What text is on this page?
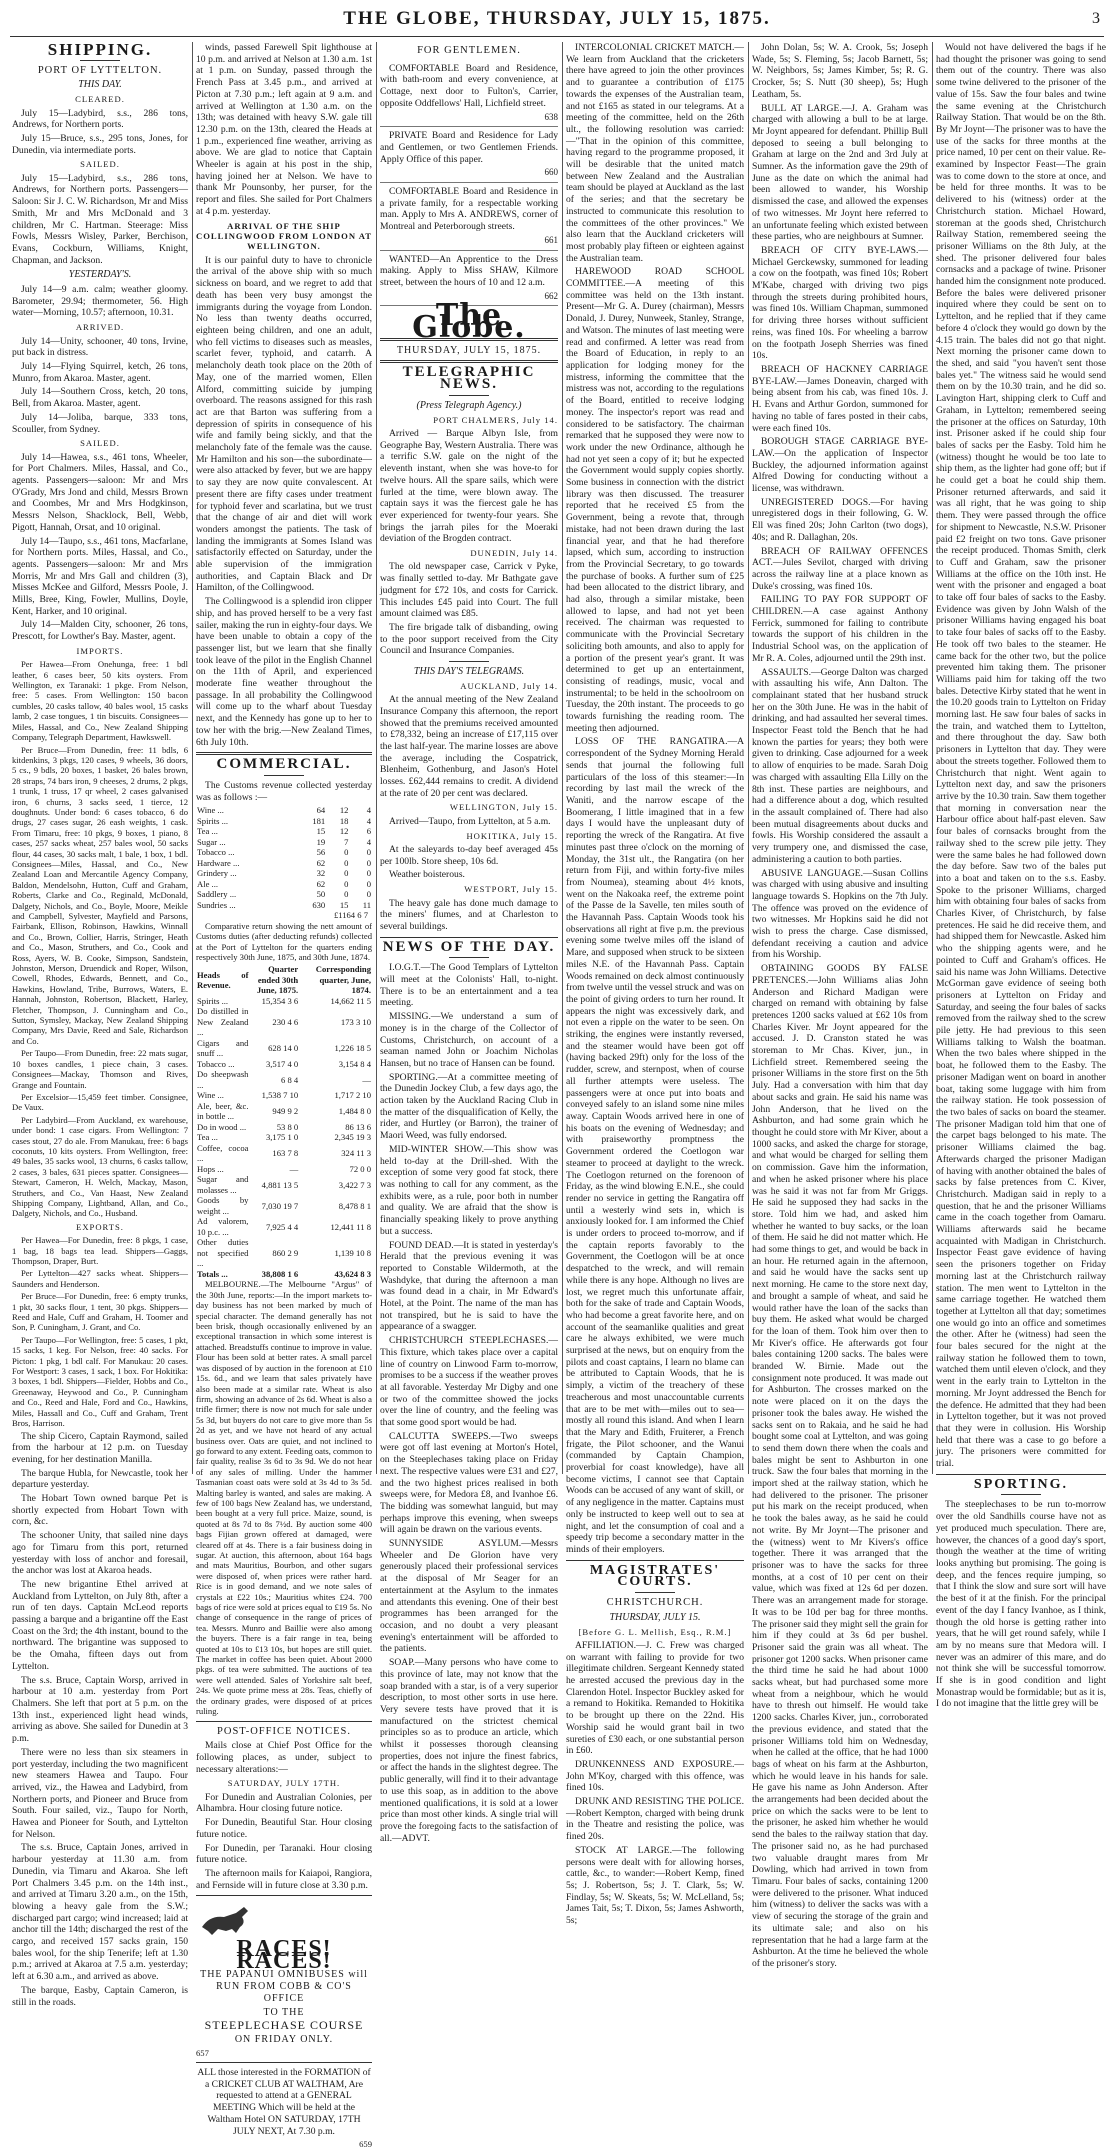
THE GLOBE, THURSDAY, JULY 15, 1875.	3
SHIPPING.
PORT OF LYTTELTON.
THIS DAY.
CLEARED.

July 15—Ladybird, s.s., 286 tons, Andrews, for Northern ports.

July 15—Bruce, s.s., 295 tons, Jones, for Dunedin, via intermediate ports.

SAILED.

July 15—Ladybird, s.s., 286 tons, Andrews, for Northern ports. Passengers—Saloon: Sir J. C. W. Richardson, Mr and Miss Smith, Mr and Mrs McDonald and 3 children, Mr C. Hartman. Steerage: Miss Fowls, Messrs Wisley, Parker, Berchison, Evans, Cockburn, Williams, Knight, Chapman, and Jackson.

YESTERDAY'S.

July 14—9 a.m. calm; weather gloomy. Barometer, 29.94; thermometer, 56. High water—Morning, 10.57; afternoon, 10.31.

ARRIVED.

July 14—Unity, schooner, 40 tons, Irvine, put back in distress.

July 14—Flying Squirrel, ketch, 26 tons, Munro, from Akaroa. Master, agent.

July 14—Southern Cross, ketch, 20 tons, Bell, from Akaroa. Master, agent.

July 14—Joliba, barque, 333 tons, Scouller, from Sydney.

SAILED.

July 14—Hawea, s.s., 461 tons, Wheeler, for Port Chalmers. Miles, Hassal, and Co., agents. Passengers—saloon: Mr and Mrs O'Grady, Mrs Jond and child, Messrs Brown and Coombes, Mr and Mrs Hodgkinson, Messrs Nelson, Shacklock, Bell, Webb, Pigott, Hannah, Orsat, and 10 original.

July 14—Taupo, s.s., 461 tons, Macfarlane, for Northern ports. Miles, Hassal, and Co., agents. Passengers—saloon: Mr and Mrs Morris, Mr and Mrs Gall and children (3), Misses McKee and Gilford, Messrs Poole, J. Mills, Bree, King, Fowler, Mullins, Doyle, Kent, Harker, and 10 original.

July 14—Malden City, schooner, 26 tons, Prescott, for Lowther's Bay. Master, agent.

IMPORTS.

Per Hawea—From Onehunga, free: 1 bdl leather, 6 cases beer, 50 kits oysters. From Wellington, ex Taranaki: 1 pkge. From Nelson, free: 5 cases. From Wellington: 150 bacon cumbles, 20 casks tallow, 40 bales wool, 15 casks lamb, 2 case tongues, 1 tin biscuits. Consignees—Miles, Hassal, and Co., New Zealand Shipping Company, Telegraph Department, Hawkswell.

Per Bruce—From Dunedin, free: 11 bdls, 6 kitdenkins, 3 pkgs, 120 cases, 9 wheels, 36 doors, 5 cs., 9 bdls, 20 boxes, 1 basket, 26 bales brown, 28 straps, 74 bars iron, 9 cheeses, 2 drums, 2 pkgs, 1 trunk, 1 truss, 17 qr wheel, 2 cases galvanised iron, 6 churns, 3 sacks seed, 1 tierce, 12 doughnuts. Under bond: 6 cases tobacco, 6 do drugs, 27 cases sugar, 26 eash weights, 1 cask. From Timaru, free: 10 pkgs, 9 boxes, 1 piano, 8 cases, 257 sacks wheat, 257 bales wool, 50 sacks flour, 44 cases, 30 sacks malt, 1 bale, 1 box, 1 bdl. Consignees—Miles, Hassal, and Co., New Zealand Loan and Mercantile Agency Company, Baldon, Mendelsohn, Hutton, Cuff and Graham, Roberts, Clarke and Co., Reginald, McDonald, Dalgety, Nichols, and Co., Boyle, Moore, Meikle and Campbell, Sylvester, Mayfield and Parsons, Fairbank, Ellison, Robinson, Hawkins, Winnall and Co., Brown, Collier, Harris, Stringer, Heath and Co., Mason, Struthers, and Co., Cook and Ross, Ayers, W. B. Cooke, Simpson, Sandstein, Johnston, Merson, Druendick and Roper, Wilson, Cowell, Rhodes, Edwards, Bennett, and Co., Hawkins, Howland, Tribe, Burrows, Waters, E. Hannah, Johnston, Robertson, Blackett, Harley, Fletcher, Thompson, J. Cunningham and Co., Sutton, Symsley, Mackay, New Zealand Shipping Company, Mrs Davie, Reed and Sale, Richardson and Co.

Per Taupo—From Dunedin, free: 22 mats sugar, 10 boxes candles, 1 piece chain, 3 cases. Consignees—Mackay, Thomson and Rives, Grange and Fountain.

Per Excelsior—15,459 feet timber. Consignee, De Vaux.

Per Ladybird—From Auckland, ex warehouse, under bond: 1 case cigars. From Wellington: 7 cases stout, 27 do ale. From Manukau, free: 6 bags coconuts, 10 kits oysters. From Wellington, free: 49 bales, 35 sacks wool, 13 churns, 6 casks tallow, 2 cases, 3 bales, 631 pieces spatter. Consignees—Stewart, Cameron, H. Welch, Mackay, Mason, Struthers, and Co., Van Haast, New Zealand Shipping Company, Lightband, Allan, and Co., Dalgety, Nichols, and Co., Husband.

EXPORTS.

Per Hawea—For Dunedin, free: 8 pkgs, 1 case, 1 bag, 18 bags tea lead. Shippers—Gaggs, Thompson, Draper, Burt.

Per Lyttelton—427 sacks wheat. Shippers—Saunders and Henderson.

Per Bruce—For Dunedin, free: 6 empty trunks, 1 pkt, 30 sacks flour, 1 tent, 30 pkgs. Shippers—Reed and Hale, Cuff and Graham, H. Toomer and Son, P. Cuningham, J. Grant, and Co.

Per Taupo—For Wellington, free: 5 cases, 1 pkt, 15 sacks, 1 keg. For Nelson, free: 40 sacks. For Picton: 1 pkg, 1 bdl calf. For Manukau: 20 cases. For Westport: 3 cases, 1 sack, 1 box. For Hokitika: 3 boxes, 1 bdl. Shippers—Fielder, Hobbs and Co., Greenaway, Heywood and Co., P. Cunningham and Co., Reed and Hale, Ford and Co., Hawkins, Miles, Hassall and Co., Cuff and Graham, Trent Bros, Harrison.

The ship Cicero, Captain Raymond, sailed from the harbour at 12 p.m. on Tuesday evening, for her destination Manilla.

The barque Hubla, for Newcastle, took her departure yesterday.

The Hobart Town owned barque Pet is shortly expected from Hobart Town with corn, &c.

The schooner Unity, that sailed nine days ago for Timaru from this port, returned yesterday with loss of anchor and foresail, the anchor was lost at Akaroa heads.

The new brigantine Ethel arrived at Auckland from Lyttelton, on July 8th, after a run of ten days. Captain McLeod reports passing a barque and a brigantine off the East Coast on the 3rd; the 4th instant, bound to the northward. The brigantine was supposed to be the Omaha, fifteen days out from Lyttelton.

The s.s. Bruce, Captain Worsp, arrived in harbour at 10 a.m. yesterday from Port Chalmers. She left that port at 5 p.m. on the 13th inst., experienced light head winds, arriving as above. She sailed for Dunedin at 3 p.m.

There were no less than six steamers in port yesterday, including the two magnificent new steamers Hawea and Taupo. Four arrived, viz., the Hawea and Ladybird, from Northern ports, and Pioneer and Bruce from South. Four sailed, viz., Taupo for North, Hawea and Pioneer for South, and Lyttelton for Nelson.

The s.s. Bruce, Captain Jones, arrived in harbour yesterday at 11.30 a.m. from Dunedin, via Timaru and Akaroa. She left Port Chalmers 3.45 p.m. on the 14th inst., and arrived at Timaru 3.20 a.m., on the 15th, blowing a heavy gale from the S.W.; discharged part cargo; wind increased; laid at anchor till the 14th; discharged the rest of the cargo, and received 157 sacks grain, 150 bales wool, for the ship Tenerife; left at 1.30 p.m.; arrived at Akaroa at 7.5 a.m. yesterday; left at 6.30 a.m., and arrived as above.

The barque, Easby, Captain Cameron, is still in the roads.

winds, passed Farewell Spit lighthouse at 10 p.m. and arrived at Nelson at 1.30 a.m. 1st at 1 p.m. on Sunday, passed through the French Pass at 3.45 p.m., and arrived at Picton at 7.30 p.m.; left again at 9 a.m. and arrived at Wellington at 1.30 a.m. on the 13th; was detained with heavy S.W. gale till 12.30 p.m. on the 13th, cleared the Heads at 1 p.m., experienced fine weather, arriving as above. We are glad to notice that Captain Wheeler is again at his post in the ship, having joined her at Nelson. We have to thank Mr Pounsonby, her purser, for the report and files. She sailed for Port Chalmers at 4 p.m. yesterday.

ARRIVAL OF THE SHIP COLLINGWOOD FROM LONDON AT WELLINGTON.

It is our painful duty to have to chronicle the arrival of the above ship with so much sickness on board, and we regret to add that death has been very busy amongst the immigrants during the voyage from London. No less than twenty deaths occurred, eighteen being children, and one an adult, who fell victims to diseases such as measles, scarlet fever, typhoid, and catarrh. A melancholy death took place on the 20th of May, one of the married women, Ellen Alford, committing suicide by jumping overboard. The reasons assigned for this rash act are that Barton was suffering from a depression of spirits in consequence of his wife and family being sickly, and that the melancholy fate of the female was the cause. Mr Hamilton and his son—the subordinate—were also attacked by fever, but we are happy to say they are now quite convalescent. At present there are fifty cases under treatment for typhoid fever and scarlatina, but we trust that the change of air and diet will work wonders amongst the patients. The task of landing the immigrants at Somes Island was satisfactorily effected on Saturday, under the able supervision of the immigration authorities, and Captain Black and Dr Hamilton, of the Collingwood.

The Collingwood is a splendid iron clipper ship, and has proved herself to be a very fast sailer, making the run in eighty-four days. We have been unable to obtain a copy of the passenger list, but we learn that she finally took leave of the pilot in the English Channel on the 11th of April, and experienced moderate fine weather throughout the passage. In all probability the Collingwood will come up to the wharf about Tuesday next, and the Kennedy has gone up to her to tow her with the brig.—New Zealand Times, 6th July 10th.

COMMERCIAL.

The Customs revenue collected yesterday was as follows :—

Wine ...	64	12	4
Spirits ...	181	18	4
Tea ...	15	12	6
Sugar ...	19	7	4
Tobacco ...	56	0	0
Hardware ...	62	0	0
Grindery ...	32	0	0
Ale ...	62	0	0
Saddlery ...	50	0	0
Sundries ...	630	15	11
£1164 6 7

Comparative return showing the nett amount of Customs duties (after deducting refunds) collected at the Port of Lyttelton for the quarters ending respectively 30th June, 1875, and 30th June, 1874.

Heads of Revenue.	Quarter ended 30th June, 1875.	Corresponding quarter, June, 1874.
Spirits ...	15,354 3 6	14,662 11 5
Do distilled in New Zealand ...	230 4 6	173 3 10
Cigars and snuff ...	628 14 0	1,226 18 5
Tobacco ...	3,517 4 0	3,154 8 4
Do sheepwash ...	6 8 4	—
Wine ...	1,538 7 10	1,717 2 10
Ale, beer, &c. in bottle ...	949 9 2	1,484 8 0
Do in wood ...	53 8 0	86 13 6
Tea ...	3,175 1 0	2,345 19 3
Coffee, cocoa ...	163 7 8	324 11 3
Hops ...	—	72 0 0
Sugar and molasses ...	4,881 13 5	3,422 7 3
Goods by weight ...	7,030 19 7	8,478 8 1
Ad valorem, 10 p.c. ...	7,925 4 4	12,441 11 8
Other duties not specified ...	860 2 9	1,139 10 8
Totals ...	38,808 1 6	43,624 8 3

MELBOURNE.—The Melbourne "Argus" of the 30th June, reports:—In the import markets to-day business has not been marked by much of special character. The demand generally has not been brisk, though occasionally enlivened by an exceptional transaction in which some interest is attached. Breadstuffs continue to improve in value. Flour has been sold at better rates. A small parcel was disposed of by auction in the forenoon at £10 15s. 6d., and we learn that sales privately have also been made at a similar rate. Wheat is also firm, showing an advance of 2s 6d. Wheat is also a trifle firmer; there is now not much for sale under 5s 3d, but buyers do not care to give more than 5s 2d as yet, and we have not heard of any actual business over. Oats are quiet, and not inclined to go forward to any extent. Feeding oats, common to fair quality, realise 3s 6d to 3s 9d. We do not hear of any sales of milling. Under the hammer Tasmanian coast oats were sold at 3s 4d to 3s 5d. Malting barley is wanted, and sales are making. A few of 100 bags New Zealand has, we understand, been bought at a very full price. Maize, sound, is quoted at 8s 7d to 8s 7½d. By auction some 400 bags Fijian grown offered at damaged, were cleared off at 4s. There is a fair business doing in sugar. At auction, this afternoon, about 164 bags and mats Mauritius, Bourbon, and other sugars were disposed of, when prices were rather hard. Rice is in good demand, and we note sales of crystals at £22 10s.; Mauritius whites £24. 700 bags of rice were sold at prices equal to £19 5s. No change of consequence in the range of prices of tea. Messrs. Munro and Baillie were also among the buyers. There is a fair range in tea, being quoted at 10s to £13 10s, but hopes are still quiet. The market in coffee has been quiet. About 2000 pkgs. of tea were submitted. The auctions of tea were well attended. Sales of Yorkshire salt beef, 24s. We quote prime mess at 28s. Teas, chiefly of the ordinary grades, were disposed of at prices ruling.

POST-OFFICE NOTICES.

Mails close at Chief Post Office for the following places, as under, subject to necessary alterations:—

SATURDAY, JULY 17TH.

For Dunedin and Australian Colonies, per Alhambra. Hour closing future notice.

For Dunedin, Beautiful Star. Hour closing future notice.

For Dunedin, per Taranaki. Hour closing future notice.

The afternoon mails for Kaiapoi, Rangiora, and Fernside will in future close at 3.30 p.m.

RACES! RACES!
THE PAPANUI OMNIBUSES will RUN FROM COBB & CO'S OFFICE
TO THE
STEEPLECHASE COURSE
ON FRIDAY ONLY.
657

ALL those interested in the FORMATION of a CRICKET CLUB AT WALTHAM, Are requested to attend at a GENERAL MEETING Which will be held at the Waltham Hotel ON SATURDAY, 17TH JULY NEXT, At 7.30 p.m.

659
FOR GENTLEMEN.

COMFORTABLE Board and Residence, with bath-room and every convenience, at Cottage, next door to Fulton's, Carrier, opposite Oddfellows' Hall, Lichfield street.

638

PRIVATE Board and Residence for Lady and Gentlemen, or two Gentlemen Friends. Apply Office of this paper.

660

COMFORTABLE Board and Residence in a private family, for a respectable working man. Apply to Mrs A. ANDREWS, corner of Montreal and Peterborough streets.

661

WANTED—An Apprentice to the Dress making. Apply to Miss SHAW, Kilmore street, between the hours of 10 and 12 a.m.

662
The Globe.
THURSDAY, JULY 15, 1875.
TELEGRAPHIC NEWS.
(Press Telegraph Agency.)
PORT CHALMERS, July 14.

Arrived — Barque Albyn Isle, from Geographe Bay, Western Australia. There was a terrific S.W. gale on the night of the eleventh instant, when she was hove-to for twelve hours. All the spare sails, which were furled at the time, were blown away. The captain says it was the fiercest gale he has ever experienced for twenty-four years. She brings the jarrah piles for the Moeraki deviation of the Brogden contract.

DUNEDIN, July 14.

The old newspaper case, Carrick v Pyke, was finally settled to-day. Mr Bathgate gave judgment for £72 10s, and costs for Carrick. This includes £45 paid into Court. The full amount claimed was £85.

The fire brigade talk of disbanding, owing to the poor support received from the City Council and Insurance Companies.

THIS DAY'S TELEGRAMS.
AUCKLAND, July 14.

At the annual meeting of the New Zealand Insurance Company this afternoon, the report showed that the premiums received amounted to £78,332, being an increase of £17,115 over the last half-year. The marine losses are above the average, including the Cospatrick, Blenheim, Gothenburg, and Jason's Hotel losses. £62,444 remains to credit. A dividend at the rate of 20 per cent was declared.

WELLINGTON, July 15.

Arrived—Taupo, from Lyttelton, at 5 a.m.

HOKITIKA, July 15.

At the saleyards to-day beef averaged 45s per 100lb. Store sheep, 10s 6d.

Weather boisterous.

WESTPORT, July 15.

The heavy gale has done much damage to the miners' flumes, and at Charleston to several buildings.

NEWS OF THE DAY.

I.O.G.T.—The Good Templars of Lyttelton will meet at the Colonists' Hall, to-night. There is to be an entertainment and a tea meeting.

MISSING.—We understand a sum of money is in the charge of the Collector of Customs, Christchurch, on account of a seaman named John or Joachim Nicholas Hansen, but no trace of Hansen can be found.

SPORTING.—At a committee meeting of the Dunedin Jockey Club, a few days ago, the action taken by the Auckland Racing Club in the matter of the disqualification of Kelly, the rider, and Hurtley (or Barron), the trainer of Maori Weed, was fully endorsed.

MID-WINTER SHOW.—This show was held to-day at the Drill-shed. With the exception of some very good fat stock, there was nothing to call for any comment, as the exhibits were, as a rule, poor both in number and quality. We are afraid that the show is financially speaking likely to prove anything but a success.

FOUND DEAD.—It is stated in yesterday's Herald that the previous evening it was reported to Constable Wildermoth, at the Washdyke, that during the afternoon a man was found dead in a chair, in Mr Edward's Hotel, at the Point. The name of the man has not transpired, but he is said to have the appearance of a swagger.

CHRISTCHURCH STEEPLECHASES.—This fixture, which takes place over a capital line of country on Linwood Farm to-morrow, promises to be a success if the weather proves at all favorable. Yesterday Mr Digby and one or two of the committee showed the jocks over the line of country, and the feeling was that some good sport would be had.

CALCUTTA SWEEPS.—Two sweeps were got off last evening at Morton's Hotel, on the Steeplechases taking place on Friday next. The respective values were £31 and £27, and the two highest prices realised in both sweeps were, for Medora £8, and Ivanhoe £6. The bidding was somewhat languid, but may perhaps improve this evening, when sweeps will again be drawn on the various events.

SUNNYSIDE ASYLUM.—Messrs Wheeler and De Glorion have very generously placed their professional services at the disposal of Mr Seager for an entertainment at the Asylum to the inmates and attendants this evening. One of their best programmes has been arranged for the occasion, and no doubt a very pleasant evening's entertainment will be afforded to the patients.

SOAP.—Many persons who have come to this province of late, may not know that the soap branded with a star, is of a very superior description, to most other sorts in use here. Very severe tests have proved that it is manufactured on the strictest chemical principles so as to produce an article, which whilst it possesses thorough cleansing properties, does not injure the finest fabrics, or affect the hands in the slightest degree. The public generally, will find it to their advantage to use this soap, as in addition to the above mentioned qualifications, it is sold at a lower price than most other kinds. A single trial will prove the foregoing facts to the satisfaction of all.—ADVT.

INTERCOLONIAL CRICKET MATCH.—We learn from Auckland that the cricketers there have agreed to join the other provinces and to guarantee a contribution of £175 towards the expenses of the Australian team, and not £165 as stated in our telegrams. At a meeting of the committee, held on the 26th ult., the following resolution was carried:—"That in the opinion of this committee, having regard to the programme proposed, it will be desirable that the united match between New Zealand and the Australian team should be played at Auckland as the last of the series; and that the secretary be instructed to communicate this resolution to the committees of the other provinces." We also learn that the Auckland cricketers will most probably play fifteen or eighteen against the Australian team.

HAREWOOD ROAD SCHOOL COMMITTEE.—A meeting of this committee was held on the 13th instant. Present—Mr G. A. Durey (chairman), Messrs Donald, J. Durey, Nunweek, Stanley, Strange, and Watson. The minutes of last meeting were read and confirmed. A letter was read from the Board of Education, in reply to an application for lodging money for the mistress, informing the committee that the mistress was not, according to the regulations of the Board, entitled to receive lodging money. The inspector's report was read and considered to be satisfactory. The chairman remarked that he supposed they were now to work under the new Ordinance, although he had not yet seen a copy of it; but he expected the Government would supply copies shortly. Some business in connection with the district library was then discussed. The treasurer reported that he received £5 from the Government, being a revote that, through mistake, had not been drawn during the last financial year, and that he had therefore lapsed, which sum, according to instruction from the Provincial Secretary, to go towards the purchase of books. A further sum of £25 had been allocated to the district library, and had also, through a similar mistake, been allowed to lapse, and had not yet been received. The chairman was requested to communicate with the Provincial Secretary soliciting both amounts, and also to apply for a portion of the present year's grant. It was determined to get up an entertainment, consisting of readings, music, vocal and instrumental; to be held in the schoolroom on Tuesday, the 20th instant. The proceeds to go towards furnishing the reading room. The meeting then adjourned.

LOSS OF THE RANGATIRA.—A correspondent of the Sydney Morning Herald sends that journal the following full particulars of the loss of this steamer:—In recording by last mail the wreck of the Waniti, and the narrow escape of the Boomerang, I little imagined that in a few days I would have the unpleasant duty of reporting the wreck of the Rangatira. At five minutes past three o'clock on the morning of Monday, the 31st ult., the Rangatira (on her return from Fiji, and within forty-five miles from Noumea), steaming about 4½ knots, went on the Nakoaka reef, the extreme point of the Passe de la Savelle, ten miles south of the Havannah Pass. Captain Woods took his observations all right at five p.m. the previous evening some twelve miles off the island of Mare, and supposed when struck to be sixteen miles N.E. of the Havannah Pass. Captain Woods remained on deck almost continuously from twelve until the vessel struck and was on the point of giving orders to turn her round. It appears the night was excessively dark, and not even a ripple on the water to be seen. On striking, the engines were instantly reversed, and the steamer would have been got off (having backed 29ft) only for the loss of the rudder, screw, and sternpost, when of course all further attempts were useless. The passengers were at once put into boats and conveyed safely to an island some nine miles away. Captain Woods arrived here in one of his boats on the evening of Wednesday; and with praiseworthy promptness the Government ordered the Coetlogon war steamer to proceed at daylight to the wreck. The Coetlogon returned on the forenoon of Friday, as the wind blowing E.N.E., she could render no service in getting the Rangatira off until a westerly wind sets in, which is anxiously looked for. I am informed the Chief is under orders to proceed to-morrow, and if the captain reports favorably to the Government, the Coetlogon will be at once despatched to the wreck, and will remain while there is any hope. Although no lives are lost, we regret much this unfortunate affair, both for the sake of trade and Captain Woods, who had become a great favorite here, and on account of the seamanlike qualities and great care he always exhibited, we were much surprised at the news, but on enquiry from the pilots and coast captains, I learn no blame can be attributed to Captain Woods, that he is simply, a victim of the treachery of these treacherous and most unaccountable currents that are to be met with—miles out to sea—mostly all round this island. And when I learn that the Mary and Edith, Fruiterer, a French frigate, the Pilot schooner, and the Wanui (commanded by Captain Champion, proverbial for coast knowledge), have all become victims, I cannot see that Captain Woods can be accused of any want of skill, or of any negligence in the matter. Captains must only be instructed to keep well out to sea at night, and let the consumption of coal and a speedy trip become a secondary matter in the minds of their employers.

MAGISTRATES' COURTS.
CHRISTCHURCH.
THURSDAY, JULY 15.
[Before G. L. Mellish, Esq., R.M.]

AFFILIATION.—J. C. Frew was charged on warrant with failing to provide for two illegitimate children. Sergeant Kennedy stated he arrested accused the previous day in the Clarendon Hotel. Inspector Buckley asked for a remand to Hokitika. Remanded to Hokitika to be brought up there on the 22nd. His Worship said he would grant bail in two sureties of £30 each, or one substantial person in £60.

DRUNKENNESS AND EXPOSURE.—John M'Koy, charged with this offence, was fined 10s.

DRUNK AND RESISTING THE POLICE.—Robert Kempton, charged with being drunk in the Theatre and resisting the police, was fined 20s.

STOCK AT LARGE.—The following persons were dealt with for allowing horses, cattle, &c., to wander:—Robert Kemp, fined 5s; J. Robertson, 5s; J. T. Clark, 5s; W. Findlay, 5s; W. Skeats, 5s; W. McLelland, 5s; James Tait, 5s; T. Dixon, 5s; James Ashworth, 5s;

John Dolan, 5s; W. A. Crook, 5s; Joseph Wade, 5s; S. Fleming, 5s; Jacob Barnett, 5s; W. Neighbors, 5s; James Kimber, 5s; R. G. Crocker, 5s; S. Nutt (30 sheep), 5s; Hugh Leatham, 5s.

BULL AT LARGE.—J. A. Graham was charged with allowing a bull to be at large. Mr Joynt appeared for defendant. Phillip Bull deposed to seeing a bull belonging to Graham at large on the 2nd and 3rd July at Sumner. As the information gave the 29th of June as the date on which the animal had been allowed to wander, his Worship dismissed the case, and allowed the expenses of two witnesses. Mr Joynt here referred to an unfortunate feeling which existed between these parties, who are neighbours at Sumner.

BREACH OF CITY BYE-LAWS.—Michael Gerckewsky, summoned for leading a cow on the footpath, was fined 10s; Robert M'Kabe, charged with driving two pigs through the streets during prohibited hours, was fined 10s. William Chapman, summoned for driving three horses without sufficient reins, was fined 10s. For wheeling a barrow on the footpath Joseph Sherries was fined 10s.

BREACH OF HACKNEY CARRIAGE BYE-LAW.—James Doneavin, charged with being absent from his cab, was fined 10s. J. H. Evans and Arthur Gordon, summoned for having no table of fares posted in their cabs, were each fined 10s.

BOROUGH STAGE CARRIAGE BYE-LAW.—On the application of Inspector Buckley, the adjourned information against Alfred Dowing for conducting without a license, was withdrawn.

UNREGISTERED DOGS.—For having unregistered dogs in their following, G. W. Ell was fined 20s; John Carlton (two dogs), 40s; and R. Dallaghan, 20s.

BREACH OF RAILWAY OFFENCES ACT.—Jules Sevilot, charged with driving across the railway line at a place known as Duke's crossing, was fined 10s.

FAILING TO PAY FOR SUPPORT OF CHILDREN.—A case against Anthony Ferrick, summoned for failing to contribute towards the support of his children in the Industrial School was, on the application of Mr R. A. Coles, adjourned until the 29th inst.

ASSAULTS.—George Dalton was charged with assaulting his wife, Ann Dalton. The complainant stated that her husband struck her on the 30th June. He was in the habit of drinking, and had assaulted her several times. Inspector Feast told the Bench that he had known the parties for years; they both were given to drinking. Case adjourned for a week to allow of enquiries to be made. Sarah Doig was charged with assaulting Ella Lilly on the 8th inst. These parties are neighbours, and had a difference about a dog, which resulted in the assault complained of. There had also been mutual disagreements about ducks and fowls. His Worship considered the assault a very trumpery one, and dismissed the case, administering a caution to both parties.

ABUSIVE LANGUAGE.—Susan Collins was charged with using abusive and insulting language towards S. Hopkins on the 7th July. The offence was proved on the evidence of two witnesses. Mr Hopkins said he did not wish to press the charge. Case dismissed, defendant receiving a caution and advice from his Worship.

OBTAINING GOODS BY FALSE PRETENCES.—John Williams alias John Anderson and Richard Madigan were charged on remand with obtaining by false pretences 1200 sacks valued at £62 10s from Charles Kiver. Mr Joynt appeared for the accused. J. D. Cranston stated he was storeman to Mr Chas. Kiver, jun., in Lichfield street. Remembered seeing the prisoner Williams in the store first on the 5th July. Had a conversation with him that day about sacks and grain. He said his name was John Anderson, that he lived on the Ashburton, and had some grain which he thought he could store with Mr Kiver, about a 1000 sacks, and asked the charge for storage, and what would be charged for selling them on commission. Gave him the information, and when he asked prisoner where his place was he said it was not far from Mr Griggs. He said he supposed they had sacks in the store. Told him we had, and asked him whether he wanted to buy sacks, or the loan of them. He said he did not matter which. He had some things to get, and would be back in an hour. He returned again in the afternoon, and said he would have the sacks sent up next morning. He came to the store next day, and brought a sample of wheat, and said he would rather have the loan of the sacks than buy them. He asked what would be charged for the loan of them. Took him over then to Mr Kiver's office. He afterwards got four bales containing 1200 sacks. The bales were branded W. Birnie. Made out the consignment note produced. It was made out for Ashburton. The crosses marked on the note were placed on it on the days the prisoner took the bales away. He wished the sacks sent on to Rakaia, and he said he had bought some coal at Lyttelton, and was going to send them down there when the coals and bales might be sent to Ashburton in one truck. Saw the four bales that morning in the import shed at the railway station, which he had delivered to the prisoner. The prisoner put his mark on the receipt produced, when he took the bales away, as he said he could not write. By Mr Joynt—The prisoner and the (witness) went to Mr Kivers's office together. There it was arranged that the prisoner was to have the sacks for three months, at a cost of 10 per cent on their value, which was fixed at 12s 6d per dozen. There was an arrangement made for storage. It was to be 10d per bag for three months. The prisoner said they might sell the grain for him if they could at 3s 6d per bushel. Prisoner said the grain was all wheat. The prisoner got 1200 sacks. When prisoner came the third time he said he had about 1000 sacks wheat, but had purchased some more wheat from a neighbour, which he would have to thresh out himself. He would take 1200 sacks. Charles Kiver, jun., corroborated the previous evidence, and stated that the prisoner Williams told him on Wednesday, when he called at the office, that he had 1000 bags of wheat on his farm at the Ashburton, which he would leave in his hands for sale. He gave his name as John Anderson. After the arrangements had been decided about the price on which the sacks were to be lent to the prisoner, he asked him whether he would send the bales to the railway station that day. The prisoner said no, as he had purchased two valuable draught mares from Mr Dowling, which had arrived in town from Timaru. Four bales of sacks, containing 1200 were delivered to the prisoner. What induced him (witness) to deliver the sacks was with a view of securing the storage of the grain and its ultimate sale; and also on his representation that he had a large farm at the Ashburton. At the time he believed the whole of the prisoner's story.

Would not have delivered the bags if he had thought the prisoner was going to send them out of the country. There was also some twine delivered to the prisoner of the value of 15s. Saw the four bales and twine the same evening at the Christchurch Railway Station. That would be on the 8th. By Mr Joynt—The prisoner was to have the use of the sacks for three months at the price named, 10 per cent on their value. Re-examined by Inspector Feast—The grain was to come down to the store at once, and be held for three months. It was to be delivered to his (witness) order at the Christchurch station. Michael Howard, storeman at the goods shed, Christchurch Railway Station, remembered seeing the prisoner Williams on the 8th July, at the shed. The prisoner delivered four bales cornsacks and a package of twine. Prisoner handed him the consignment note produced. Before the bales were delivered prisoner inquired where they could be sent on to Lyttelton, and he replied that if they came before 4 o'clock they would go down by the 4.15 train. The bales did not go that night. Next morning the prisoner came down to the shed, and said "you haven't sent those bales yet." The witness said he would send them on by the 10.30 train, and he did so. Lavington Hart, shipping clerk to Cuff and Graham, in Lyttelton; remembered seeing the prisoner at the offices on Saturday, 10th inst. Prisoner asked if he could ship four bales of sacks per the Easby. Told him he (witness) thought he would be too late to ship them, as the lighter had gone off; but if he could get a boat he could ship them. Prisoner returned afterwards, and said it was all right, that he was going to ship them. They were passed through the office for shipment to Newcastle, N.S.W. Prisoner paid £2 freight on two tons. Gave prisoner the receipt produced. Thomas Smith, clerk to Cuff and Graham, saw the prisoner Williams at the office on the 10th inst. He went with the prisoner and engaged a boat to take off four bales of sacks to the Easby. Evidence was given by John Walsh of the prisoner Williams having engaged his boat to take four bales of sacks off to the Easby. He took off two bales to the steamer. He came back for the other two, but the police prevented him taking them. The prisoner Williams paid him for taking off the two bales. Detective Kirby stated that he went in the 10.20 goods train to Lyttelton on Friday morning last. He saw four bales of sacks in the train, and watched them to Lyttelton, and there throughout the day. Saw both prisoners in Lyttelton that day. They were about the streets together. Followed them to Christchurch that night. Went again to Lyttelton next day, and saw the prisoners arrive by the 10.30 train. Saw them together that morning in conversation near the Harbour office about half-past eleven. Saw four bales of cornsacks brought from the railway shed to the screw pile jetty. They were the same bales he had followed down the day before. Saw two of the bales put into a boat and taken on to the s.s. Easby. Spoke to the prisoner Williams, charged him with obtaining four bales of sacks from Charles Kiver, of Christchurch, by false pretences. He said he did receive them, and had shipped them for Newcastle. Asked him who the shipping agents were, and he pointed to Cuff and Graham's offices. He said his name was John Williams. Detective McGorman gave evidence of seeing both prisoners at Lyttelton on Friday and Saturday, and seeing the four bales of sacks removed from the railway shed to the screw pile jetty. He had previous to this seen Williams talking to Walsh the boatman. When the two bales where shipped in the boat, he followed them to the Easby. The prisoner Madigan went on board in another boat, taking some luggage with him from the railway station. He took possession of the two bales of sacks on board the steamer. The prisoner Madigan told him that one of the carpet bags belonged to his mate. The prisoner Williams claimed the bag. Afterwards charged the prisoner Madigan of having with another obtained the bales of sacks by false pretences from C. Kiver, Christchurch. Madigan said in reply to a question, that he and the prisoner Williams came in the coach together from Oamaru. Williams afterwards said he became acquainted with Madigan in Christchurch. Inspector Feast gave evidence of having seen the prisoners together on Friday morning last at the Christchurch railway station. The men went to Lyttelton in the same carriage together. He watched them together at Lyttelton all that day; sometimes one would go into an office and sometimes the other. After he (witness) had seen the four bales secured for the night at the railway station he followed them to town, watched them until eleven o'clock, and they went in the early train to Lyttelton in the morning. Mr Joynt addressed the Bench for the defence. He admitted that they had been in Lyttelton together, but it was not proved that they were in collusion. His Worship held that there was a case to go before a jury. The prisoners were committed for trial.

SPORTING.

The steeplechases to be run to-morrow over the old Sandhills course have not as yet produced much speculation. There are, however, the chances of a good day's sport, though the weather at the time of writing looks anything but promising. The going is deep, and the fences require jumping, so that I think the slow and sure sort will have the best of it at the finish. For the principal event of the day I fancy Ivanhoe, as I think, though the old horse is getting rather into years, that he will get round safely, while I am by no means sure that Medora will. I never was an admirer of this mare, and do not think she will be successful tomorrow. If she is in good condition and light Monastrap would be formidable; but as it is, I do not imagine that the little grey will be
